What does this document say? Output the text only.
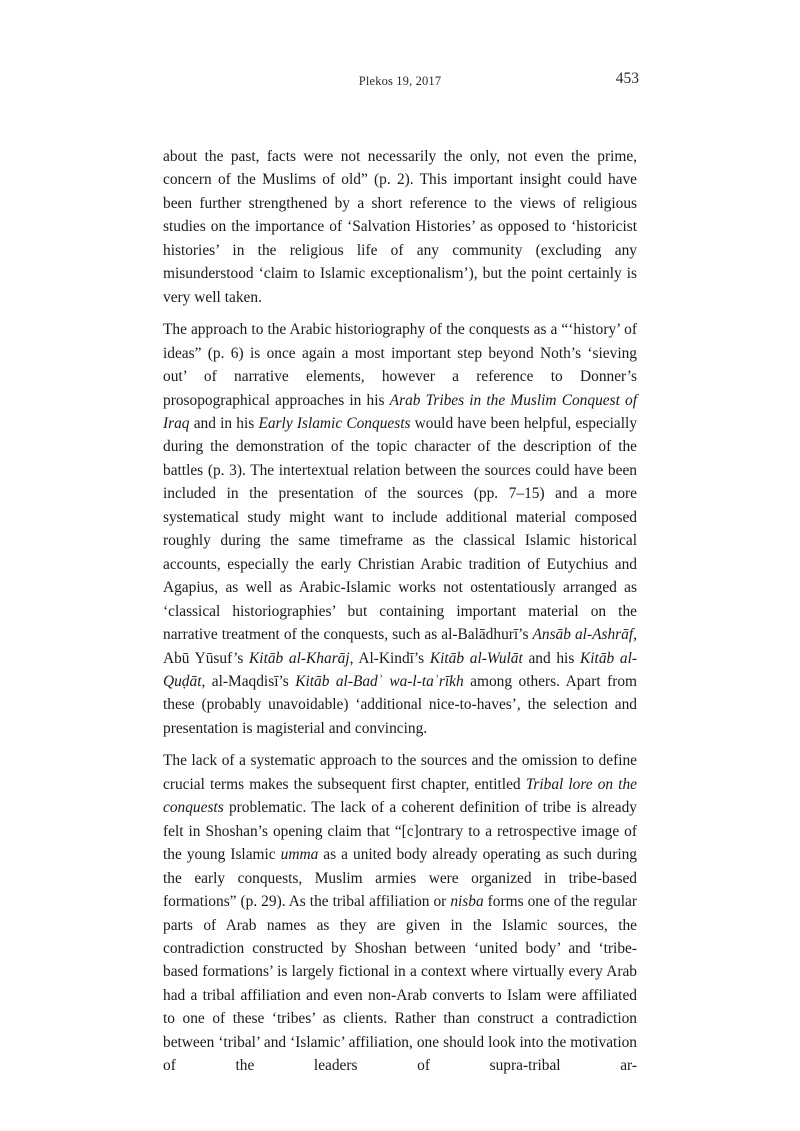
Plekos 19, 2017	453

about the past, facts were not necessarily the only, not even the prime, concern of the Muslims of old” (p. 2). This important insight could have been further strengthened by a short reference to the views of religious studies on the importance of ‘Salvation Histories’ as opposed to ‘historicist histories’ in the religious life of any community (excluding any misunderstood ‘claim to Islamic exceptionalism’), but the point certainly is very well taken.

The approach to the Arabic historiography of the conquests as a “‘history’ of ideas” (p. 6) is once again a most important step beyond Noth’s ‘sieving out’ of narrative elements, however a reference to Donner’s prosopographical approaches in his Arab Tribes in the Muslim Conquest of Iraq and in his Early Islamic Conquests would have been helpful, especially during the demonstration of the topic character of the description of the battles (p. 3). The intertextual relation between the sources could have been included in the presentation of the sources (pp. 7–15) and a more systematical study might want to include additional material composed roughly during the same timeframe as the classical Islamic historical accounts, especially the early Christian Arabic tradition of Eutychius and Agapius, as well as Arabic-Islamic works not ostentatiously arranged as ‘classical historiographies’ but containing important material on the narrative treatment of the conquests, such as al-Balādhurī’s Ansāb al-Ashrāf, Abū Yūsuf’s Kitāb al-Kharāj, Al-Kindī’s Kitāb al-Wulāt and his Kitāb al-Quḍāt, al-Maqdisī’s Kitāb al-Badʾ wa-l-taʾrīkh among others. Apart from these (probably unavoidable) ‘additional nice-to-haves’, the selection and presentation is magisterial and convincing.

The lack of a systematic approach to the sources and the omission to define crucial terms makes the subsequent first chapter, entitled Tribal lore on the conquests problematic. The lack of a coherent definition of tribe is already felt in Shoshan’s opening claim that “[c]ontrary to a retrospective image of the young Islamic umma as a united body already operating as such during the early conquests, Muslim armies were organized in tribe-based formations” (p. 29). As the tribal affiliation or nisba forms one of the regular parts of Arab names as they are given in the Islamic sources, the contradiction constructed by Shoshan between ‘united body’ and ‘tribe-based formations’ is largely fictional in a context where virtually every Arab had a tribal affiliation and even non-Arab converts to Islam were affiliated to one of these ‘tribes’ as clients. Rather than construct a contradiction between ‘tribal’ and ‘Islamic’ affiliation, one should look into the motivation of the leaders of supra-tribal ar-
